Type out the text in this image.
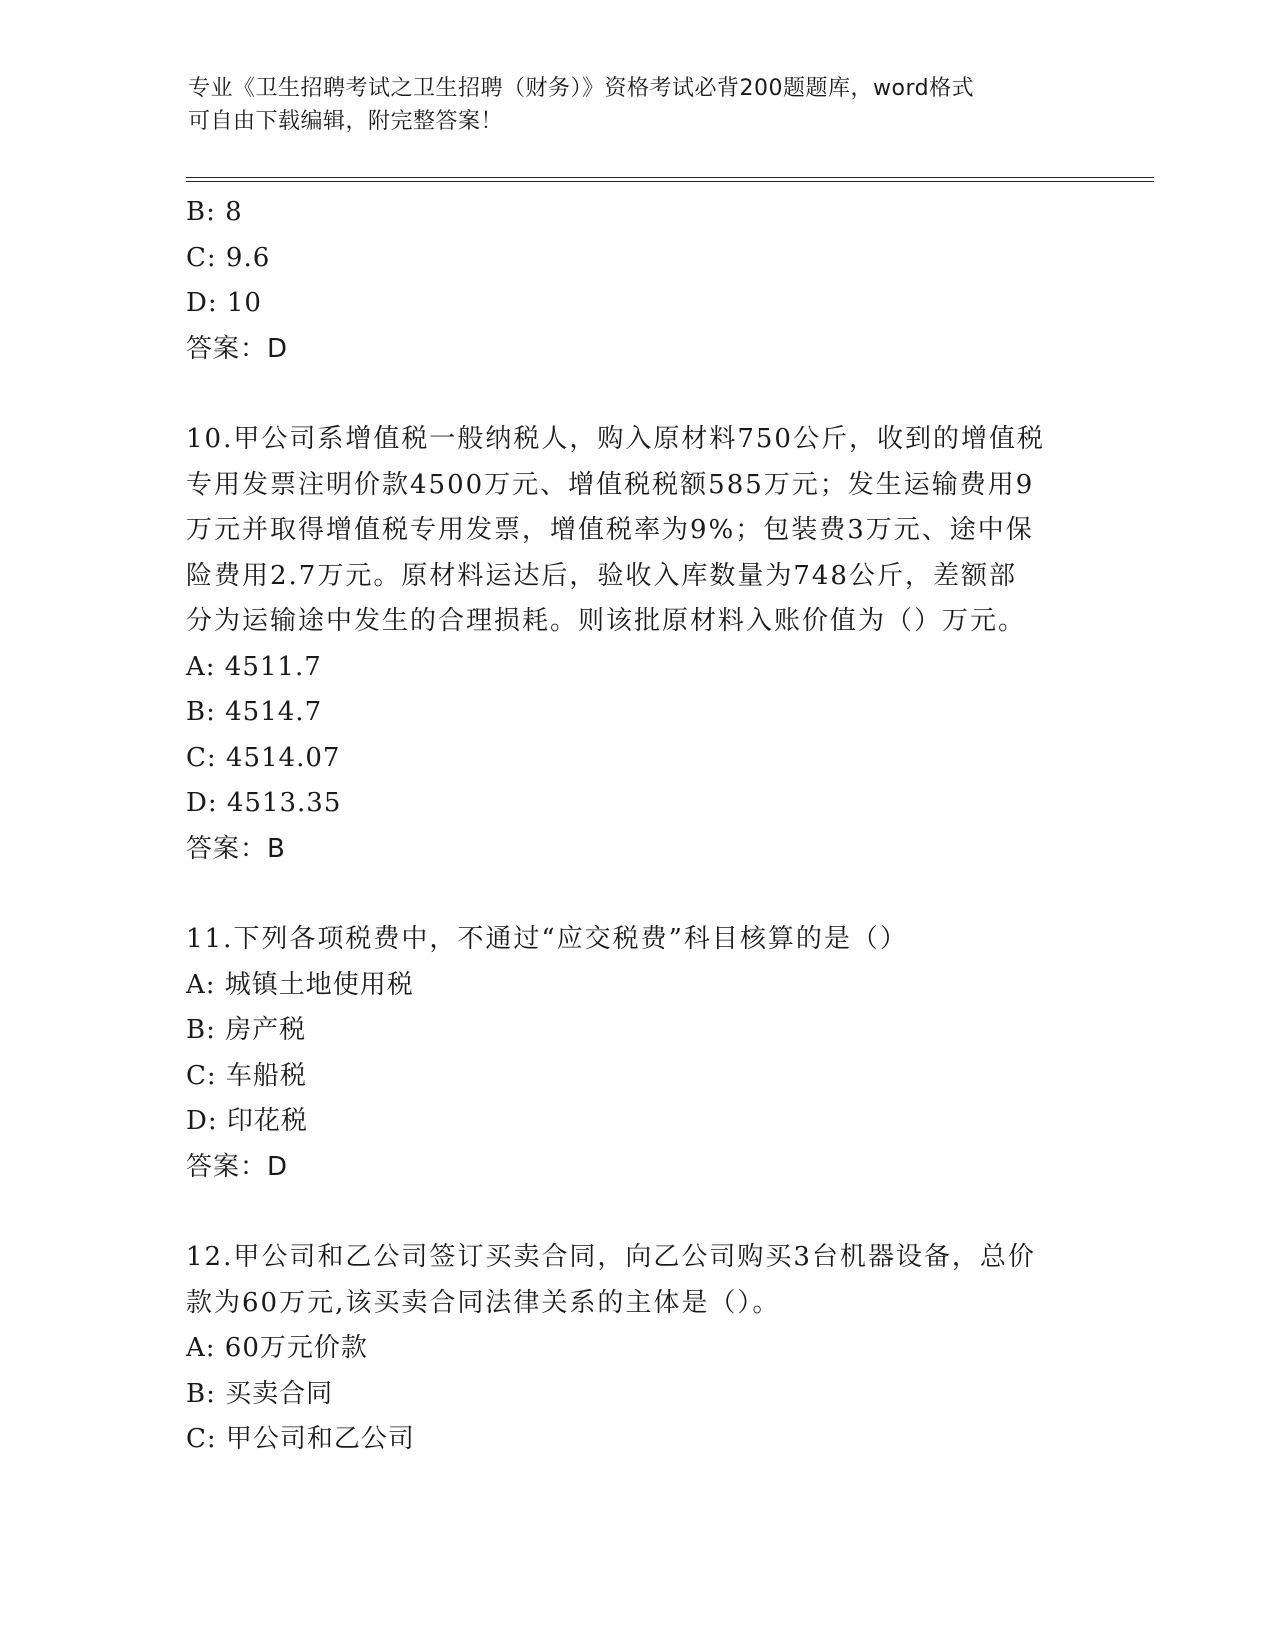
专业《卫生招聘考试之卫生招聘（财务）》资格考试必背200题题库，word格式
可自由下载编辑，附完整答案！
B: 8
C: 9.6
D: 10
答案：D
10.甲公司系增值税一般纳税人，购入原材料750公斤，收到的增值税
专用发票注明价款4500万元、增值税税额585万元；发生运输费用9
万元并取得增值税专用发票，增值税率为9%；包装费3万元、途中保
险费用2.7万元。原材料运达后，验收入库数量为748公斤，差额部
分为运输途中发生的合理损耗。则该批原材料入账价值为（）万元。
A: 4511.7
B: 4514.7
C: 4514.07
D: 4513.35
答案：B
11.下列各项税费中，不通过“应交税费”科目核算的是（）
A: 城镇土地使用税
B: 房产税
C: 车船税
D: 印花税
答案：D
12.甲公司和乙公司签订买卖合同，向乙公司购买3台机器设备，总价
款为60万元,该买卖合同法律关系的主体是（）。
A: 60万元价款
B: 买卖合同
C: 甲公司和乙公司
